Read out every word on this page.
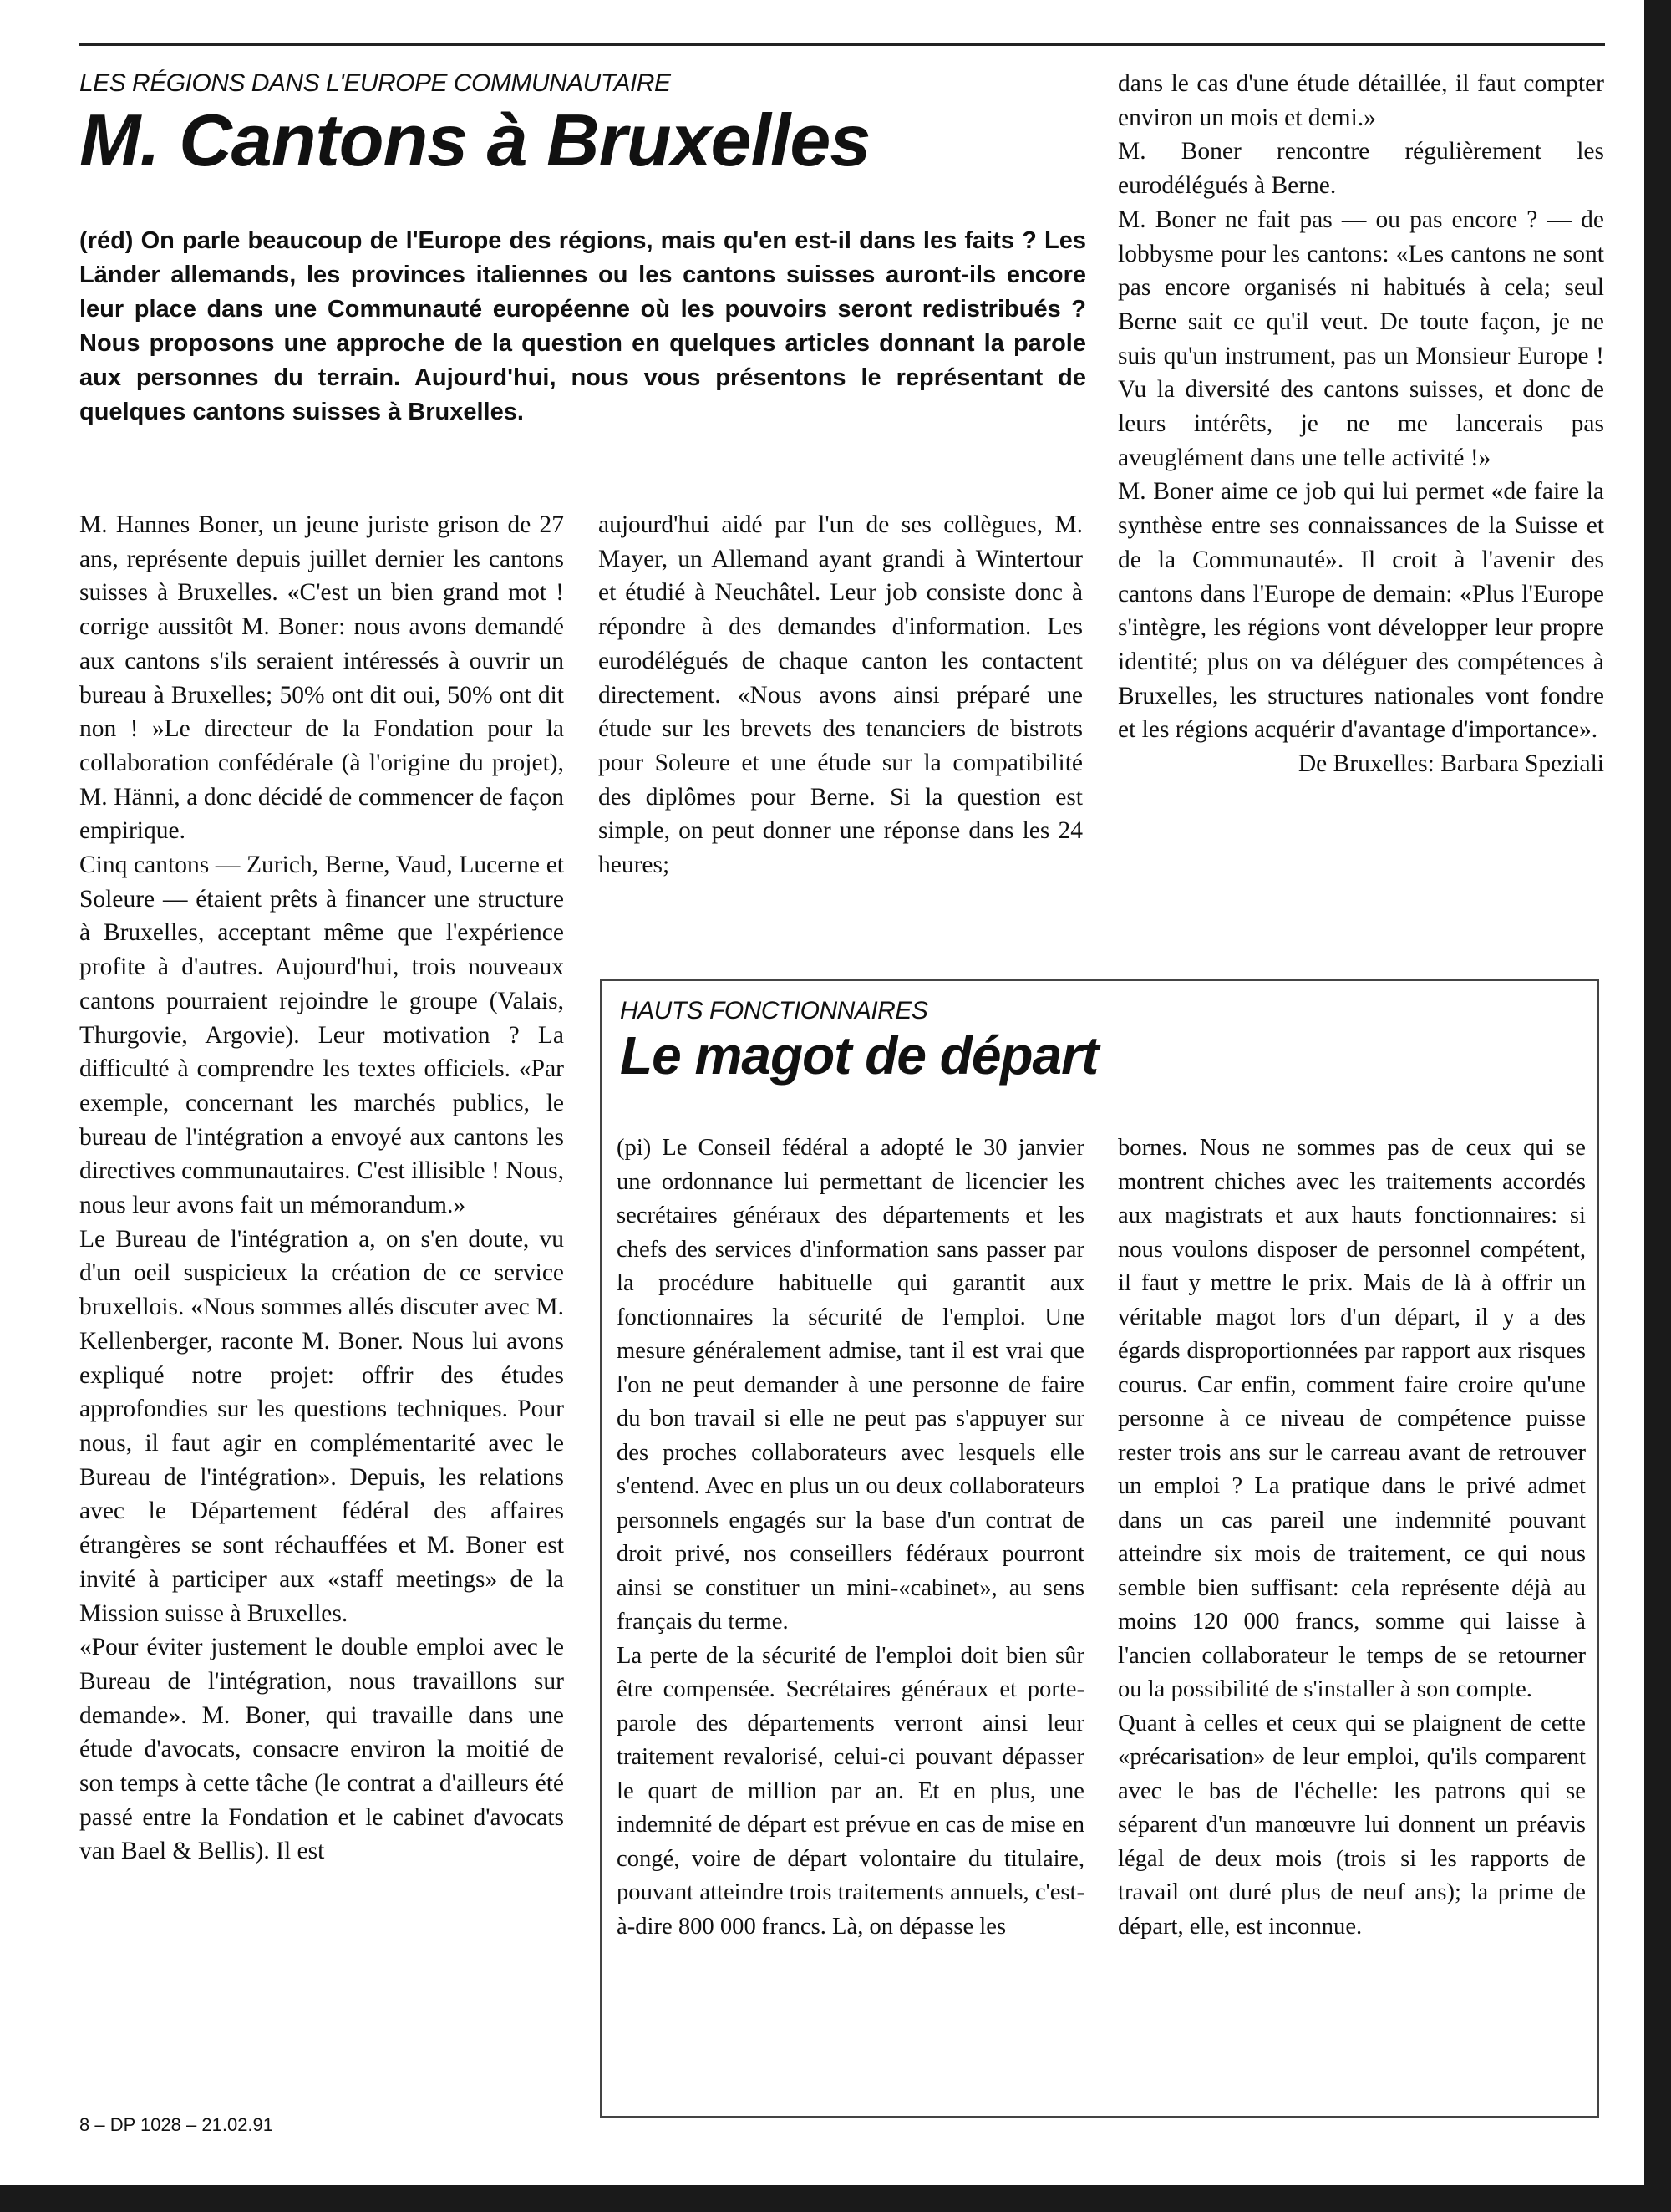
LES RÉGIONS DANS L'EUROPE COMMUNAUTAIRE
M. Cantons à Bruxelles
(réd) On parle beaucoup de l'Europe des régions, mais qu'en est-il dans les faits ? Les Länder allemands, les provinces italiennes ou les cantons suisses auront-ils encore leur place dans une Communauté européenne où les pouvoirs seront redistribués ? Nous proposons une approche de la question en quelques articles donnant la parole aux personnes du terrain. Aujourd'hui, nous vous présentons le représentant de quelques cantons suisses à Bruxelles.

M. Hannes Boner, un jeune juriste grison de 27 ans, représente depuis juillet dernier les cantons suisses à Bruxelles. «C'est un bien grand mot ! corrige aussitôt M. Boner: nous avons demandé aux cantons s'ils seraient intéressés à ouvrir un bureau à Bruxelles; 50% ont dit oui, 50% ont dit non ! »Le directeur de la Fondation pour la collaboration confédérale (à l'origine du projet), M. Hänni, a donc décidé de commencer de façon empirique.

Cinq cantons — Zurich, Berne, Vaud, Lucerne et Soleure — étaient prêts à financer une structure à Bruxelles, acceptant même que l'expérience profite à d'autres. Aujourd'hui, trois nouveaux cantons pourraient rejoindre le groupe (Valais, Thurgovie, Argovie). Leur motivation ? La difficulté à comprendre les textes officiels. «Par exemple, concernant les marchés publics, le bureau de l'intégration a envoyé aux cantons les directives communautaires. C'est illisible ! Nous, nous leur avons fait un mémorandum.»

Le Bureau de l'intégration a, on s'en doute, vu d'un oeil suspicieux la création de ce service bruxellois. «Nous sommes allés discuter avec M. Kellenberger, raconte M. Boner. Nous lui avons expliqué notre projet: offrir des études approfondies sur les questions techniques. Pour nous, il faut agir en complémentarité avec le Bureau de l'intégration». Depuis, les relations avec le Département fédéral des affaires étrangères se sont réchauffées et M. Boner est invité à participer aux «staff meetings» de la Mission suisse à Bruxelles.

«Pour éviter justement le double emploi avec le Bureau de l'intégration, nous travaillons sur demande». M. Boner, qui travaille dans une étude d'avocats, consacre environ la moitié de son temps à cette tâche (le contrat a d'ailleurs été passé entre la Fondation et le cabinet d'avocats van Bael & Bellis). Il est

aujourd'hui aidé par l'un de ses collègues, M. Mayer, un Allemand ayant grandi à Wintertour et étudié à Neuchâtel. Leur job consiste donc à répondre à des demandes d'information. Les eurodélégués de chaque canton les contactent directement. «Nous avons ainsi préparé une étude sur les brevets des tenanciers de bistrots pour Soleure et une étude sur la compatibilité des diplômes pour Berne. Si la question est simple, on peut donner une réponse dans les 24 heures;

dans le cas d'une étude détaillée, il faut compter environ un mois et demi.»

M. Boner rencontre régulièrement les eurodélégués à Berne.

M. Boner ne fait pas — ou pas encore ? — de lobbysme pour les cantons: «Les cantons ne sont pas encore organisés ni habitués à cela; seul Berne sait ce qu'il veut. De toute façon, je ne suis qu'un instrument, pas un Monsieur Europe ! Vu la diversité des cantons suisses, et donc de leurs intérêts, je ne me lancerais pas aveuglément dans une telle activité !»

M. Boner aime ce job qui lui permet «de faire la synthèse entre ses connaissances de la Suisse et de la Communauté». Il croit à l'avenir des cantons dans l'Europe de demain: «Plus l'Europe s'intègre, les régions vont développer leur propre identité; plus on va déléguer des compétences à Bruxelles, les structures nationales vont fondre et les régions acquérir d'avantage d'importance».

De Bruxelles: Barbara Speziali

HAUTS FONCTIONNAIRES
Le magot de départ

(pi) Le Conseil fédéral a adopté le 30 janvier une ordonnance lui permettant de licencier les secrétaires généraux des départements et les chefs des services d'information sans passer par la procédure habituelle qui garantit aux fonctionnaires la sécurité de l'emploi. Une mesure généralement admise, tant il est vrai que l'on ne peut demander à une personne de faire du bon travail si elle ne peut pas s'appuyer sur des proches collaborateurs avec lesquels elle s'entend. Avec en plus un ou deux collaborateurs personnels engagés sur la base d'un contrat de droit privé, nos conseillers fédéraux pourront ainsi se constituer un mini-«cabinet», au sens français du terme.

La perte de la sécurité de l'emploi doit bien sûr être compensée. Secrétaires généraux et porte-parole des départements verront ainsi leur traitement revalorisé, celui-ci pouvant dépasser le quart de million par an. Et en plus, une indemnité de départ est prévue en cas de mise en congé, voire de départ volontaire du titulaire, pouvant atteindre trois traitements annuels, c'est-à-dire 800 000 francs. Là, on dépasse les

bornes. Nous ne sommes pas de ceux qui se montrent chiches avec les traitements accordés aux magistrats et aux hauts fonctionnaires: si nous voulons disposer de personnel compétent, il faut y mettre le prix. Mais de là à offrir un véritable magot lors d'un départ, il y a des égards disproportionnées par rapport aux risques courus. Car enfin, comment faire croire qu'une personne à ce niveau de compétence puisse rester trois ans sur le carreau avant de retrouver un emploi ? La pratique dans le privé admet dans un cas pareil une indemnité pouvant atteindre six mois de traitement, ce qui nous semble bien suffisant: cela représente déjà au moins 120 000 francs, somme qui laisse à l'ancien collaborateur le temps de se retourner ou la possibilité de s'installer à son compte.

Quant à celles et ceux qui se plaignent de cette «précarisation» de leur emploi, qu'ils comparent avec le bas de l'échelle: les patrons qui se séparent d'un manœuvre lui donnent un préavis légal de deux mois (trois si les rapports de travail ont duré plus de neuf ans); la prime de départ, elle, est inconnue.

8 – DP 1028 – 21.02.91
